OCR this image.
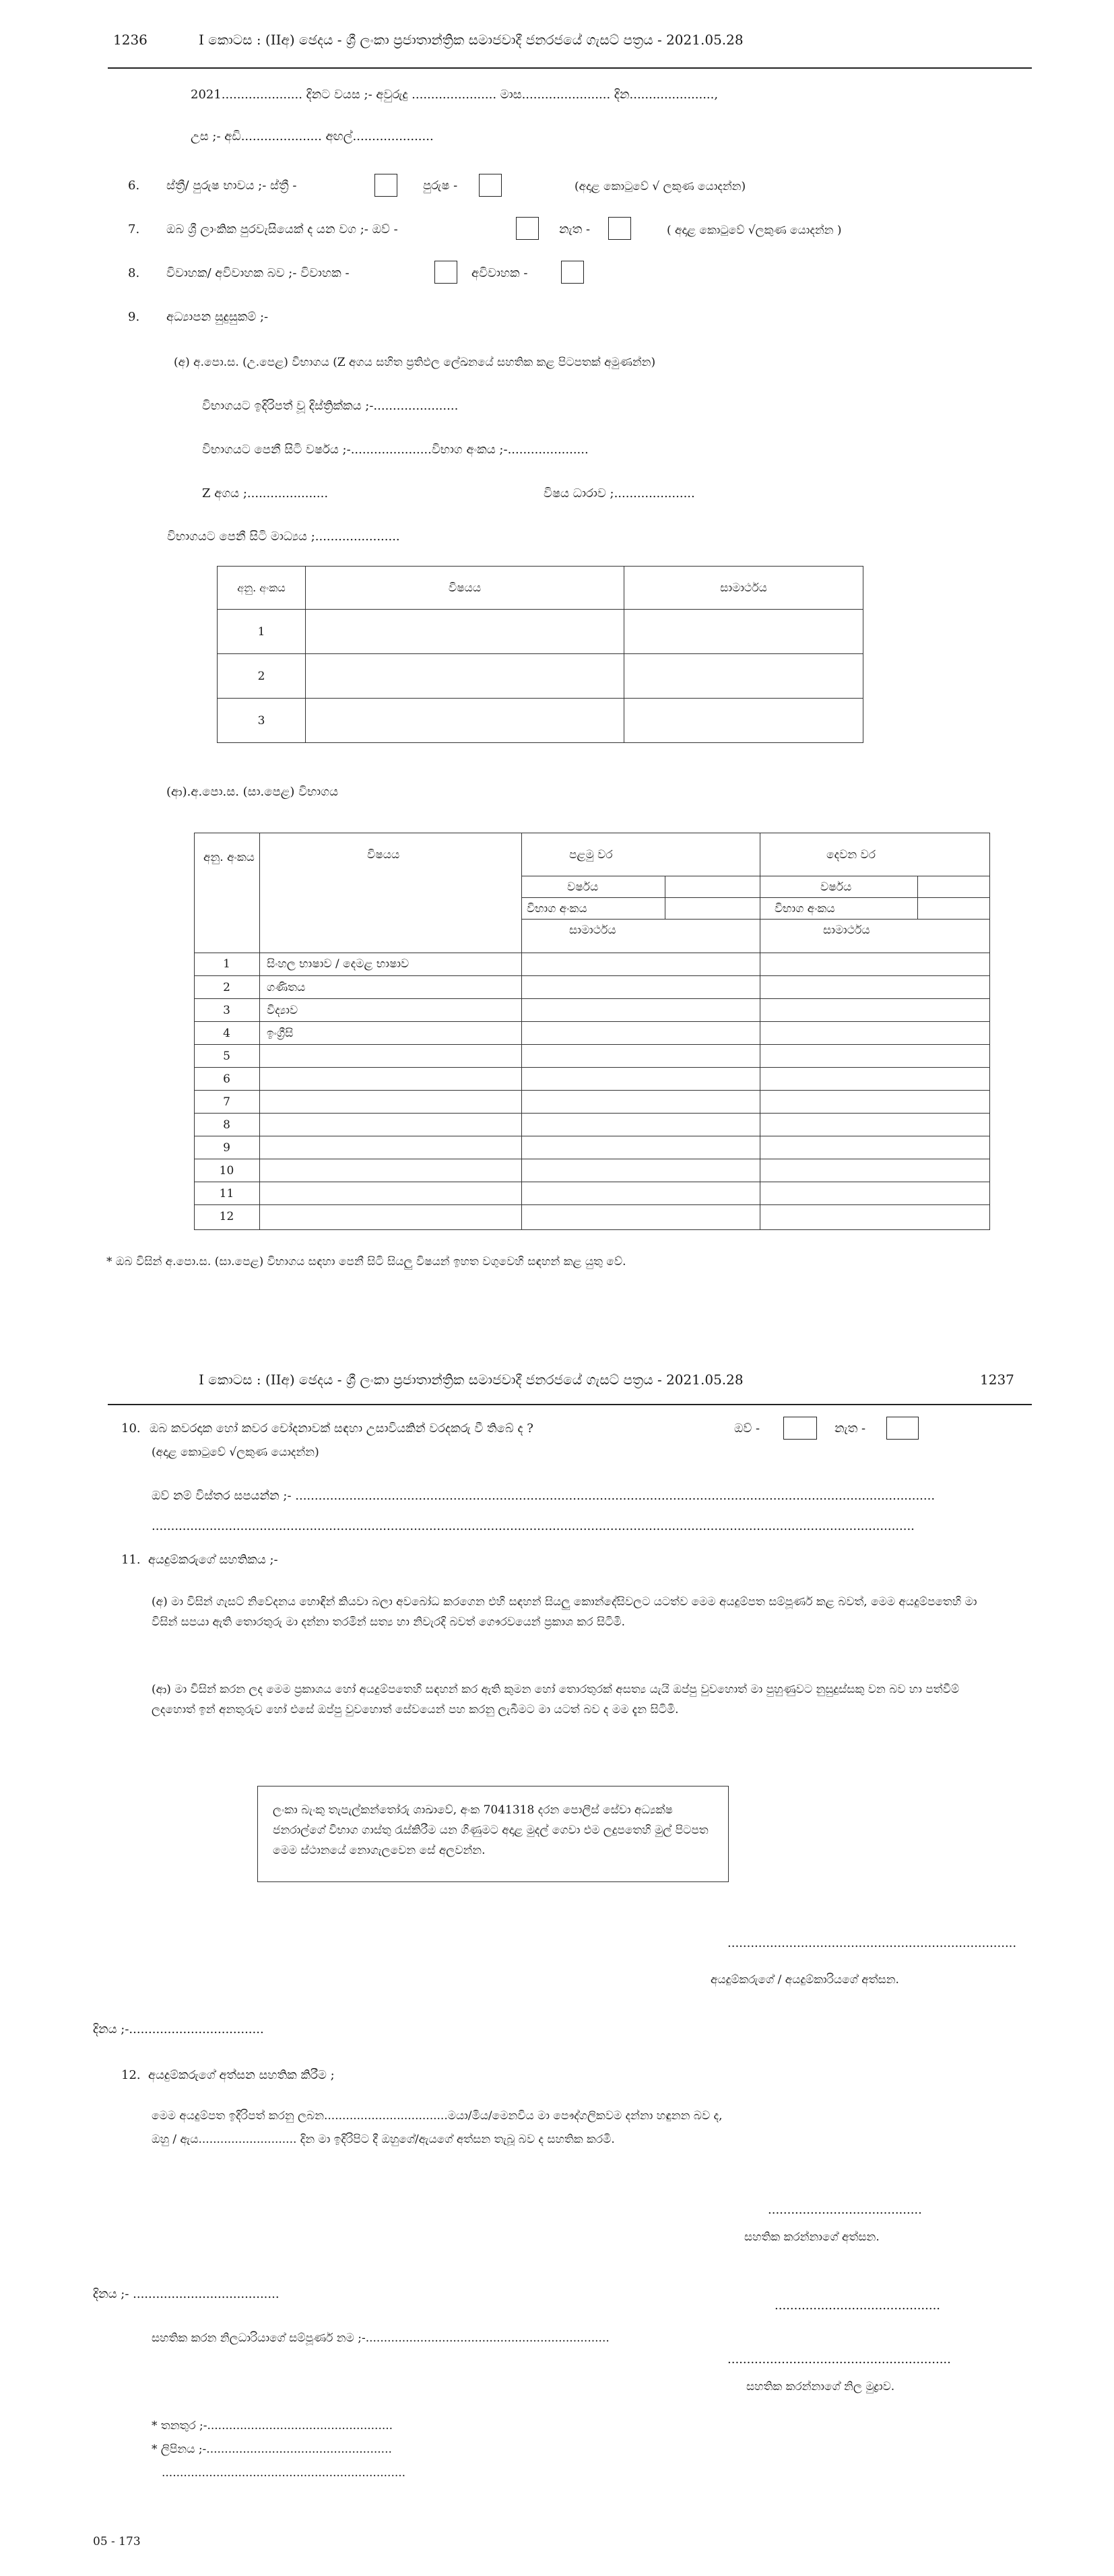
1236	I කොටස : (IIඅ) ඡෙදය - ශ්‍රී ලංකා ප්‍රජාතාන්ත්‍රික සමාජවාදී ජනරජයේ ගැසට් පත්‍රය - 2021.05.28
2021..................... දිනට වයස ;- අවුරුදු ...................... මාස....................... දින......................,
උස ;- අඩි..................... අඟල්.....................
6. ස්ත්‍රී/ පුරුෂ භාවය ;- ස්ත්‍රී -	පුරුෂ -	(අදාළ කොටුවේ √ ලකුණ යොදන්න)
7. ඔබ ශ්‍රී ලාංකික පුරවැසියෙක් ද යන වග ;- ඔව් -	නැත -	( අදාළ කොටුවේ √ලකුණ යොදන්න )
8. විවාහක/ අවිවාහක බව ;- විවාහක -	අවිවාහක -
9. අධ්‍යාපන සුදුසුකම් ;-
(අ) අ.පො.ස. (උ.පෙළ) විභාගය (Z අගය සහිත ප්‍රතිඵල ලේඛනයේ සහතික කළ පිටපතක් අමුණන්න)
විභාගයට ඉදිරිපත් වූ දිස්ත්‍රික්කය ;-......................
විභාගයට පෙනී සිටි වර්ෂය ;-.....................විභාග අංකය ;-.....................
Z අගය ;.....................	විෂය ධාරාව ;.....................
විභාගයට පෙනී සිටි මාධ්‍යය ;......................
අනු. අංකය	විෂයය	සාමාර්ථය
1		
2		
3		
(ආ).අ.පො.ස. (සා.පෙළ) විභාගය
අනු. අංකය	විෂයය	පළමු වර	දෙවන වර
වර්ෂය	වර්ෂය
විභාග අංකය	විභාග අංකය
සාමාර්ථය	සාමාර්ථය
1	සිංහල භාෂාව / දෙමළ භාෂාව
2	ගණිතය
3	විද්‍යාව
4	ඉංග්‍රීසි
5
6
7
8
9
10
11
12
* ඔබ විසින් අ.පො.ස. (සා.පෙළ) විභාගය සඳහා පෙනී සිටි සියලු විෂයන් ඉහත වගුවෙහි සඳහන් කළ යුතු වේ.
I කොටස : (IIඅ) ඡෙදය - ශ්‍රී ලංකා ප්‍රජාතාන්ත්‍රික සමාජවාදී ජනරජයේ ගැසට් පත්‍රය - 2021.05.28	1237
10. ඔබ කවරදාක හෝ කවර චෝදනාවක් සඳහා උසාවියකින් වරදකරු වී තිබේ ද ?	ඔව් -	නැත -
(අදාළ කොටුවේ √ලකුණ යොදන්න)
ඔව් නම් විස්තර සපයන්න ;- ......................................................................................................................................................................
......................................................................................................................................................................................................
11. අයදුම්කරුගේ සහතිකය ;-
(අ) මා විසින් ගැසට් නිවේදනය හොඳින් කියවා බලා අවබෝධ කරගෙන එහි සඳහන් සියලු කොන්දේසිවලට යටත්ව මෙම අයදුම්පත සම්පූර්ණ කළ බවත්, මෙම අයදුම්පතෙහි මා විසින් සපයා ඇති තොරතුරු මා දන්නා තරමින් සත්‍ය හා නිවැරදි බවත් ගෞරවයෙන් ප්‍රකාශ කර සිටිමි.
(ආ) මා විසින් කරන ලද මෙම ප්‍රකාශය හෝ අයදුම්පතෙහි සඳහන් කර ඇති කුමන හෝ තොරතුරක් අසත්‍ය යැයි ඔප්පු වුවහොත් මා පුහුණුවට නුසුදුස්සකු වන බව හා පත්වීම් ලදහොත් ඉන් අනතුරුව හෝ එසේ ඔප්පු වුවහොත් සේවයෙන් පහ කරනු ලැබීමට මා යටත් බව ද මම දැන සිටිමි.
ලංකා බැංකු තැපැල්කන්තෝරු ශාඛාවේ, අංක 7041318 දරන පොලීස් සේවා අධ්‍යක්ෂ ජනරාල්ගේ විභාග ගාස්තු රැස්කිරීම යන ගිණුමට අදාළ මුදල් ගෙවා එම ලදුපතෙහි මුල් පිටපත මෙම ස්ථානයේ නොගැලවෙන සේ අලවන්න.
...........................................................................
අයදුම්කරුගේ / අයදුම්කාරියගේ අත්සන.
දිනය ;-...................................
12. අයදුම්කරුගේ අත්සන සහතික කිරීම ;
මෙම අයදුම්පත ඉදිරිපත් කරනු ලබන..................................මයා/මිය/මෙනවිය මා පෞද්ගලිකවම දන්නා හඳුනන බව ද,
ඔහු / ඇය........................... දින මා ඉදිරිපිට දී ඔහුගේ/ඇයගේ අත්සන තැබූ බව ද සහතික කරමි.
........................................
සහතික කරන්නාගේ අත්සන.
දිනය ;- ......................................
...........................................
සහතික කරන නිලධාරියාගේ සම්පූර්ණ නම ;-...................................................................
..........................................................
සහතික කරන්නාගේ නිල මුද්‍රාව.
* තනතුර ;-...................................................
* ලිපිනය ;-...................................................
...................................................................
05 - 173
